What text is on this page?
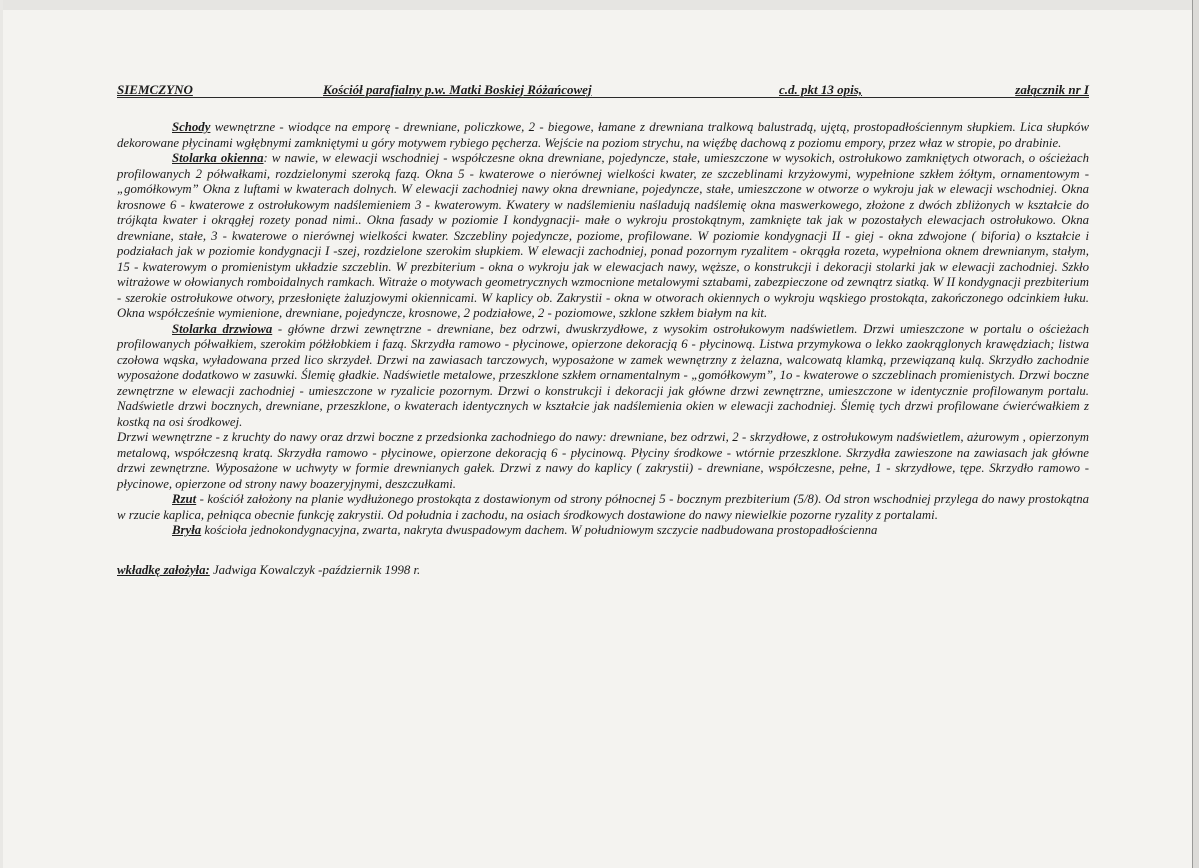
SIEMCZYNO	Kościół parafialny p.w. Matki Boskiej Różańcowej	c.d. pkt 13 opis,	załącznik nr I

Schody wewnętrzne - wiodące na emporę - drewniane, policzkowe, 2 - biegowe, łamane z drewniana tralkową balustradą, ujętą, prostopadłościennym słupkiem. Lica słupków dekorowane płycinami wgłębnymi zamkniętymi u góry motywem rybiego pęcherza. Wejście na poziom strychu, na więźbę dachową z poziomu empory, przez właz w stropie, po drabinie.

Stolarka okienna: w nawie, w elewacji wschodniej - współczesne okna drewniane, pojedyncze, stałe, umieszczone w wysokich, ostrołukowo zamkniętych otworach, o ościeżach profilowanych 2 półwałkami, rozdzielonymi szeroką fazą. Okna 5 - kwaterowe o nierównej wielkości kwater, ze szczeblinami krzyżowymi, wypełnione szkłem żółtym, ornamentowym - „gomółkowym” Okna z luftami w kwaterach dolnych. W elewacji zachodniej nawy okna drewniane, pojedyncze, stałe, umieszczone w otworze o wykroju jak w elewacji wschodniej. Okna krosnowe 6 - kwaterowe z ostrołukowym nadślemieniem 3 - kwaterowym. Kwatery w nadślemieniu naśladują nadślemię okna maswerkowego, złożone z dwóch zbliżonych w kształcie do trójkąta kwater i okrągłej rozety ponad nimi.. Okna fasady w poziomie I kondygnacji- małe o wykroju prostokątnym, zamknięte tak jak w pozostałych elewacjach ostrołukowo. Okna drewniane, stałe, 3 - kwaterowe o nierównej wielkości kwater. Szczebliny pojedyncze, poziome, profilowane. W poziomie kondygnacji II - giej - okna zdwojone ( biforia) o kształcie i podziałach jak w poziomie kondygnacji I -szej, rozdzielone szerokim słupkiem. W elewacji zachodniej, ponad pozornym ryzalitem - okrągła rozeta, wypełniona oknem drewnianym, stałym, 15 - kwaterowym o promienistym układzie szczeblin. W prezbiterium - okna o wykroju jak w elewacjach nawy, węższe, o konstrukcji i dekoracji stolarki jak w elewacji zachodniej. Szkło witrażowe w ołowianych romboidalnych ramkach. Witraże o motywach geometrycznych wzmocnione metalowymi sztabami, zabezpieczone od zewnątrz siatką. W II kondygnacji prezbiterium - szerokie ostrołukowe otwory, przesłonięte żaluzjowymi okiennicami. W kaplicy ob. Zakrystii - okna w otworach okiennych o wykroju wąskiego prostokąta, zakończonego odcinkiem łuku. Okna współcześnie wymienione, drewniane, pojedyncze, krosnowe, 2 podziałowe, 2 - poziomowe, szklone szkłem białym na kit.

Stolarka drzwiowa - główne drzwi zewnętrzne - drewniane, bez odrzwi, dwuskrzydłowe, z wysokim ostrołukowym nadświetlem. Drzwi umieszczone w portalu o ościeżach profilowanych półwałkiem, szerokim półżłobkiem i fazą. Skrzydła ramowo - płycinowe, opierzone dekoracją 6 - płycinową. Listwa przymykowa o lekko zaokrąglonych krawędziach; listwa czołowa wąska, wyładowana przed lico skrzydeł. Drzwi na zawiasach tarczowych, wyposażone w zamek wewnętrzny z żelazna, walcowatą klamką, przewiązaną kulą. Skrzydło zachodnie wyposażone dodatkowo w zasuwki. Ślemię gładkie. Nadświetle metalowe, przeszklone szkłem ornamentalnym - „gomółkowym”, 1o - kwaterowe o szczeblinach promienistych. Drzwi boczne zewnętrzne w elewacji zachodniej - umieszczone w ryzalicie pozornym. Drzwi o konstrukcji i dekoracji jak główne drzwi zewnętrzne, umieszczone w identycznie profilowanym portalu. Nadświetle drzwi bocznych, drewniane, przeszklone, o kwaterach identycznych w kształcie jak nadślemienia okien w elewacji zachodniej. Ślemię tych drzwi profilowane ćwierćwałkiem z kostką na osi środkowej.

Drzwi wewnętrzne - z kruchty do nawy oraz drzwi boczne z przedsionka zachodniego do nawy: drewniane, bez odrzwi, 2 - skrzydłowe, z ostrołukowym nadświetlem, ażurowym , opierzonym metalową, współczesną kratą. Skrzydła ramowo - płycinowe, opierzone dekoracją 6 - płycinową. Płyciny środkowe - wtórnie przeszklone. Skrzydła zawieszone na zawiasach jak główne drzwi zewnętrzne. Wyposażone w uchwyty w formie drewnianych gałek. Drzwi z nawy do kaplicy ( zakrystii) - drewniane, współczesne, pełne, 1 - skrzydłowe, tępe. Skrzydło ramowo - płycinowe, opierzone od strony nawy boazeryjnymi, deszczułkami.

Rzut - kościół założony na planie wydłużonego prostokąta z dostawionym od strony północnej 5 - bocznym prezbiterium (5/8). Od stron wschodniej przylega do nawy prostokątna w rzucie kaplica, pełniąca obecnie funkcję zakrystii. Od południa i zachodu, na osiach środkowych dostawione do nawy niewielkie pozorne ryzality z portalami.

Bryła kościoła jednokondygnacyjna, zwarta, nakryta dwuspadowym dachem. W południowym szczycie nadbudowana prostopadłościenna

wkładkę założyła: Jadwiga Kowalczyk -październik 1998 r.
